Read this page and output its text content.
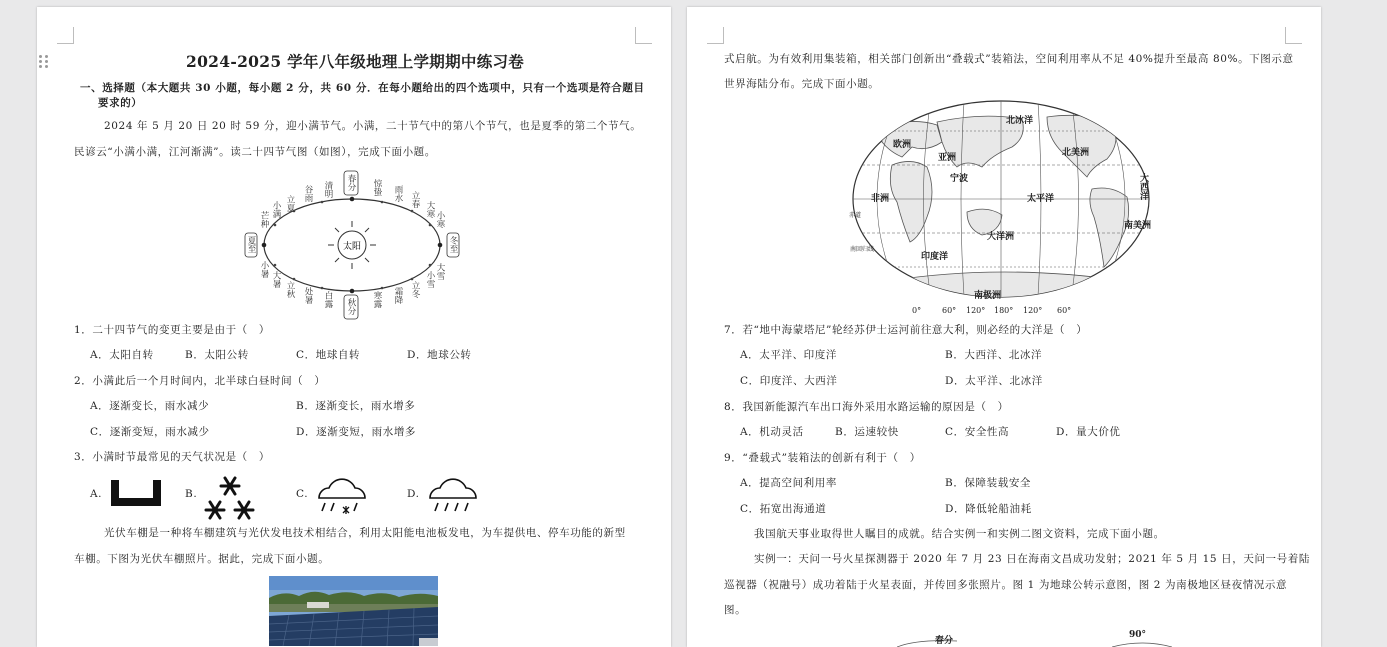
2024-2025 学年八年级地理上学期期中练习卷
一、选择题（本大题共 30 小题，每小题 2 分，共 60 分．在每小题给出的四个选项中，只有一个选项是符合题目
要求的）
2024 年 5 月 20 日 20 时 59 分，迎小满节气。小满，二十节气中的第八个节气，也是夏季的第二个节气。
民谚云“小满小满，江河渐满”。读二十四节气图（如图），完成下面小题。
太阳
立夏
谷雨 清明 春分 惊蛰 雨水 立春
大寒
小满
芒种
夏至
小暑
大暑
立秋 处暑 白露 秋分 寒露 霜降 立冬
小寒
冬至
大雪
小雪
1．二十四节气的变更主要是由于（　）
A．太阳自转	B．太阳公转	C．地球自转	D．地球公转
2．小满此后一个月时间内，北半球白昼时间（　）
A．逐渐变长，雨水减少	B．逐渐变长，雨水增多
C．逐渐变短，雨水减少	D．逐渐变短，雨水增多
3．小满时节最常见的天气状况是（　）
A.	B.	C.	D.
光伏车棚是一种将车棚建筑与光伏发电技术相结合，利用太阳能电池板发电，为车提供电、停车功能的新型
车棚。下图为光伏车棚照片。据此，完成下面小题。
式启航。为有效利用集装箱，相关部门创新出“叠载式”装箱法，空间利用率从不足 40%提升至最高 80%。下图示意
世界海陆分布。完成下面小题。
北冰洋
欧洲
亚洲	北美洲
宁波
太平洋
非洲
南美洲
大洋洲
印度洋
南极洲
赤道
南回归线
大西洋
0°	60° 120° 180° 120° 60°
7．若“地中海蒙塔尼”轮经苏伊士运河前往意大利，则必经的大洋是（　）
A．太平洋、印度洋	B．大西洋、北冰洋
C．印度洋、大西洋	D．太平洋、北冰洋
8．我国新能源汽车出口海外采用水路运输的原因是（　）
A．机动灵活	B．运速较快	C．安全性高	D．量大价优
9．“叠载式”装箱法的创新有利于（　）
A．提高空间利用率	B．保障装载安全
C．拓宽出海通道	D．降低轮船油耗
我国航天事业取得世人瞩目的成就。结合实例一和实例二图文资料，完成下面小题。
实例一：天问一号火星探测器于 2020 年 7 月 23 日在海南文昌成功发射；2021 年 5 月 15 日，天问一号着陆
巡视器（祝融号）成功着陆于火星表面，并传回多张照片。图 1 为地球公转示意图，图 2 为南极地区昼夜情况示意
图。
春分
90°
